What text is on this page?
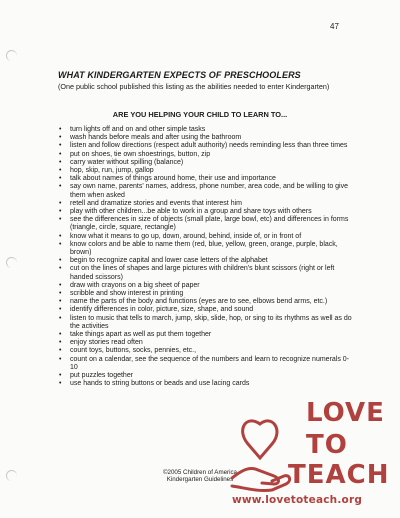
47
WHAT KINDERGARTEN EXPECTS OF PRESCHOOLERS

(One public school published this listing as the abilities needed to enter Kindergarten)

ARE YOU HELPING YOUR CHILD TO LEARN TO...
• turn lights off and on and other simple tasks
• wash hands before meals and after using the bathroom
• listen and follow directions (respect adult authority) needs reminding less than three times
• put on shoes, tie own shoestrings, button, zip
• carry water without spilling (balance)
• hop, skip, run, jump, gallop
• talk about names of things around home, their use and importance
• say own name, parents' names, address, phone number, area code, and be willing to give them when asked
• retell and dramatize stories and events that interest him
• play with other children...be able to work in a group and share toys with others
• see the differences in size of objects (small plate, large bowl, etc) and differences in forms (triangle, circle, square, rectangle)
• know what it means to go up, down, around, behind, inside of, or in front of
• know colors and be able to name them (red, blue, yellow, green, orange, purple, black, brown)
• begin to recognize capital and lower case letters of the alphabet
• cut on the lines of shapes and large pictures with children's blunt scissors (right or left handed scissors)
• draw with crayons on a big sheet of paper
• scribble and show interest in printing
• name the parts of the body and functions (eyes are to see, elbows bend arms, etc.)
• identify differences in color, picture, size, shape, and sound
• listen to music that tells to march, jump, skip, slide, hop, or sing to its rhythms as well as do the activities
• take things apart as well as put them together
• enjoy stories read often
• count toys, buttons, socks, pennies, etc.,
• count on a calendar, see the sequence of the numbers and learn to recognize numerals 0-10
• put puzzles together
• use hands to string buttons or beads and use lacing cards
©2005 Children of America
Kindergarten Guidelines
LOVE
TO
TEACH
www.lovetoteach.org
